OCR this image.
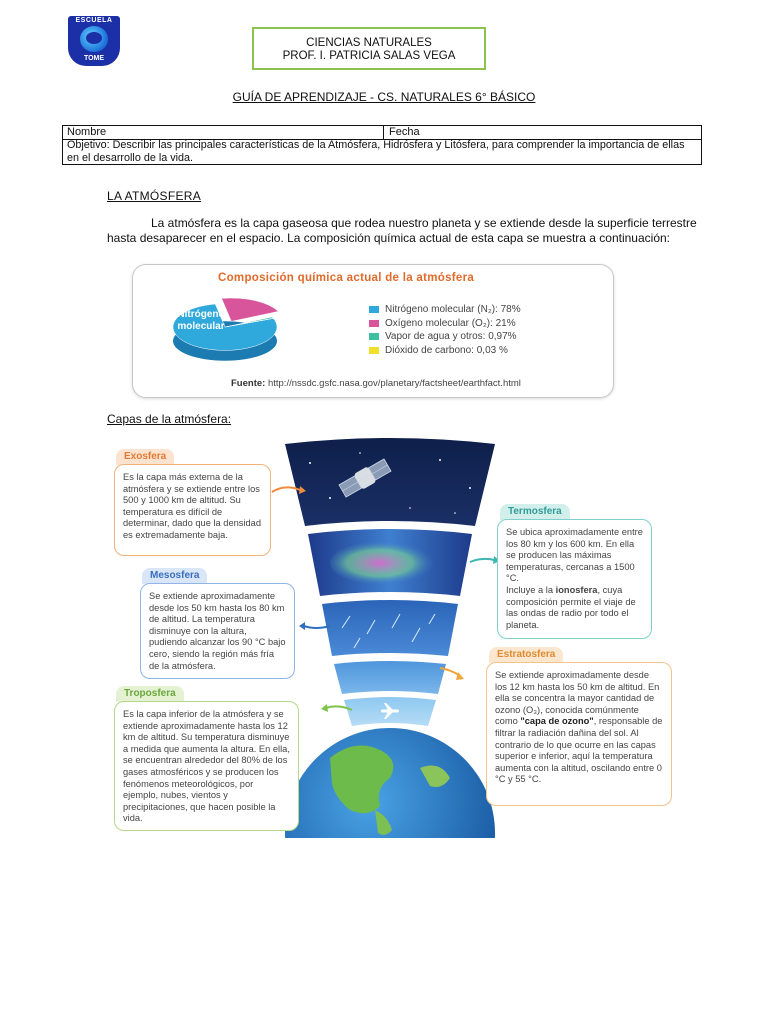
ESCUELA
TOME
CIENCIAS NATURALES
PROF. I. PATRICIA SALAS VEGA
GUÍA DE APRENDIZAJE - CS. NATURALES 6° BÁSICO
Nombre	Fecha
Objetivo: Describir las principales características de la Atmósfera, Hidrósfera y Litósfera, para comprender la importancia de ellas en el desarrollo de la vida.
LA ATMÓSFERA
La atmósfera es la capa gaseosa que rodea nuestro planeta y se extiende desde la superficie terrestre hasta desaparecer en el espacio. La composición química actual de esta capa se muestra a continuación:
Composición química actual de la atmósfera
Nitrógeno
molecular
Oxígeno
molecular
Nitrógeno molecular (N₂): 78%
Oxígeno molecular (O₂): 21%
Vapor de agua y otros: 0,97%
Dióxido de carbono: 0,03 %
Fuente: http://nssdc.gsfc.nasa.gov/planetary/factsheet/earthfact.html
Capas de la atmósfera:
Exosfera
Es la capa más externa de la atmósfera y se extiende entre los 500 y 1000 km de altitud. Su temperatura es difícil de determinar, dado que la densidad es extremadamente baja.
Termosfera
Se ubica aproximadamente entre los 80 km y los 600 km. En ella se producen las máximas temperaturas, cercanas a 1500 °C.
Incluye a la ionosfera, cuya composición permite el viaje de las ondas de radio por todo el planeta.
Mesosfera
Se extiende aproximadamente desde los 50 km hasta los 80 km de altitud. La temperatura disminuye con la altura, pudiendo alcanzar los 90 °C bajo cero, siendo la región más fría de la atmósfera.
Estratosfera
Se extiende aproximadamente desde los 12 km hasta los 50 km de altitud. En ella se concentra la mayor cantidad de ozono (O₃), conocida comúnmente como "capa de ozono", responsable de filtrar la radiación dañina del sol. Al contrario de lo que ocurre en las capas superior e inferior, aquí la temperatura aumenta con la altitud, oscilando entre 0 °C y 55 °C.
Troposfera
Es la capa inferior de la atmósfera y se extiende aproximadamente hasta los 12 km de altitud. Su temperatura disminuye a medida que aumenta la altura. En ella, se encuentran alrededor del 80% de los gases atmosféricos y se producen los fenómenos meteorológicos, por ejemplo, nubes, vientos y precipitaciones, que hacen posible la vida.
